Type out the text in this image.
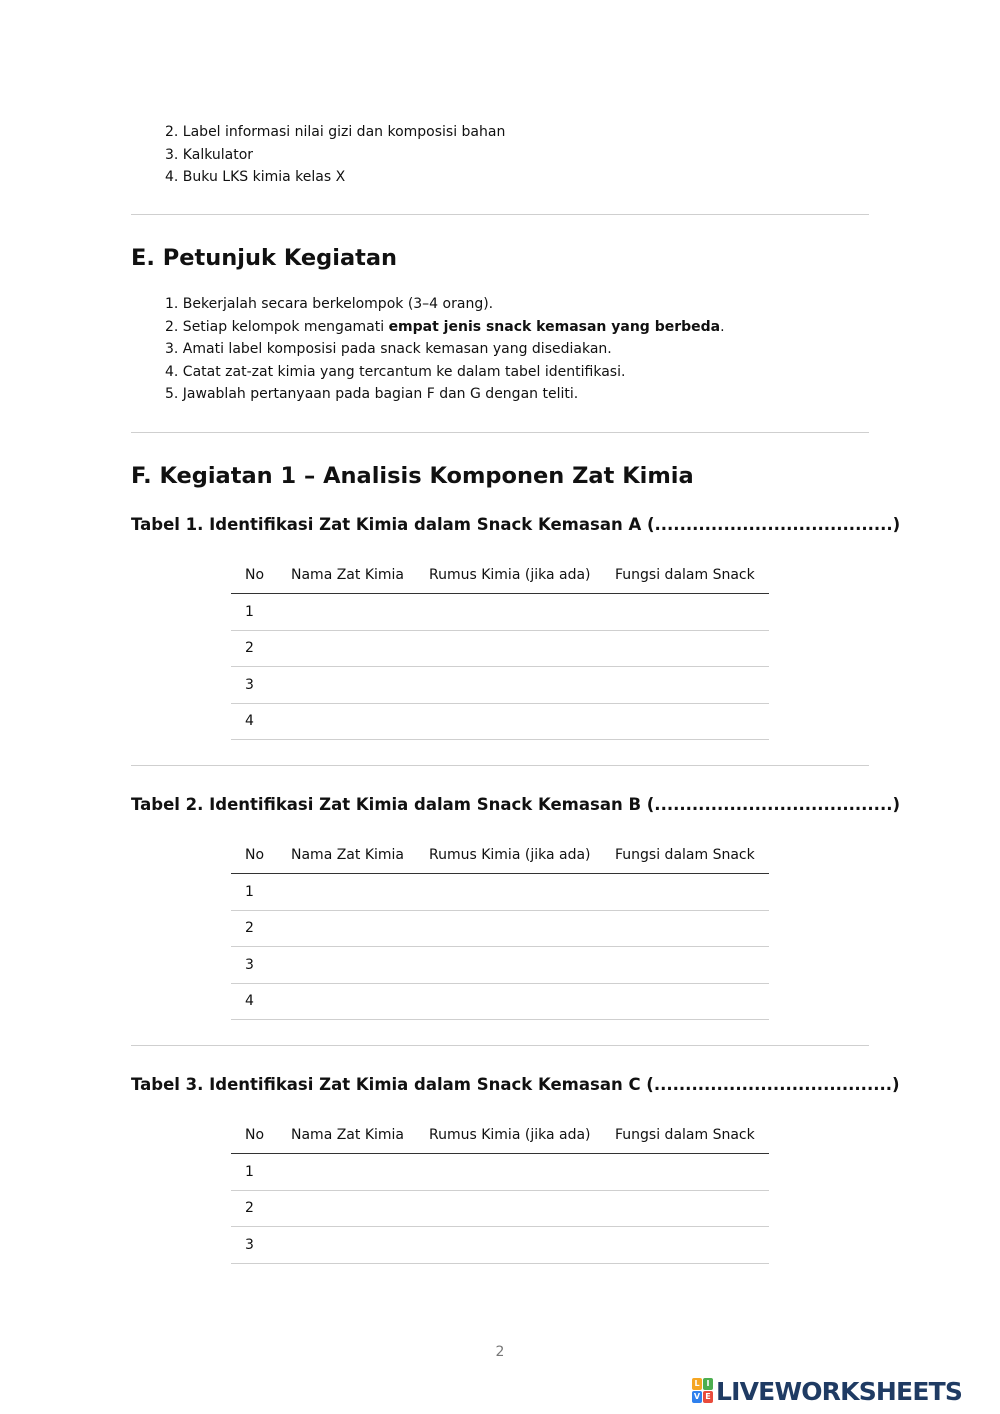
2. Label informasi nilai gizi dan komposisi bahan
3. Kalkulator
4. Buku LKS kimia kelas X
E. Petunjuk Kegiatan
1. Bekerjalah secara berkelompok (3–4 orang).
2. Setiap kelompok mengamati empat jenis snack kemasan yang berbeda.
3. Amati label komposisi pada snack kemasan yang disediakan.
4. Catat zat-zat kimia yang tercantum ke dalam tabel identifikasi.
5. Jawablah pertanyaan pada bagian F dan G dengan teliti.
F. Kegiatan 1 – Analisis Komponen Zat Kimia
Tabel 1. Identifikasi Zat Kimia dalam Snack Kemasan A (......................................)
No	Nama Zat Kimia	Rumus Kimia (jika ada)	Fungsi dalam Snack
1			
2			
3			
4			
Tabel 2. Identifikasi Zat Kimia dalam Snack Kemasan B (......................................)
No	Nama Zat Kimia	Rumus Kimia (jika ada)	Fungsi dalam Snack
1			
2			
3			
4			
Tabel 3. Identifikasi Zat Kimia dalam Snack Kemasan C (......................................)
No	Nama Zat Kimia	Rumus Kimia (jika ada)	Fungsi dalam Snack
1			
2			
3			
2
L I
V E LIVEWORKSHEETS
